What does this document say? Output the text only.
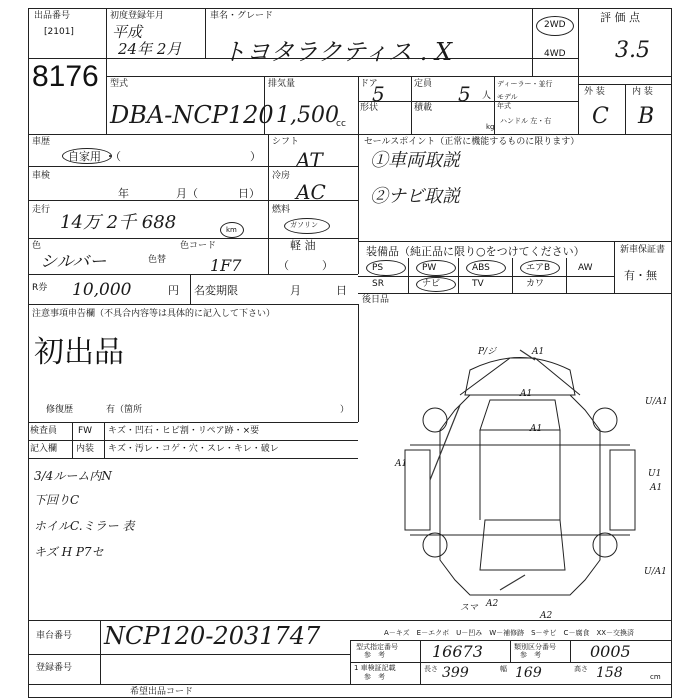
出品番号
[2101]
8176
初度登録年月
平成
24年 2月
車名・グレード
トヨタラクティス . X
2WD
4WD
評 価 点
3.5
型式
DBA-NCP120
排気量
1,500
cc
ドア
5	定員 5 人
ディーラー・並行
モデル
年式
形状	積載
kg
ハンドル 左・右
外 装	内 装
C B
車歴
自家用 ・（	）
シフト
AT
セールスポイント（正常に機能するものに限ります）
①車両取説
②ナビ取説
車検
年	月（	日）
冷房
AC
走行
14万 2千 688	km
燃料
ガソリン
軽 油
（　　　）
色
シルバー	色替
色コード
1F7
装備品（純正品に限り○をつけてください）	新車保証書
有・無
PS	PW	ABS	エアB	AW
SR	ナビ	TV	カワ
R券 10,000	円 名変期限	月	日
後日品
注意事項申告欄（不具合内容等は具体的に記入して下さい）
初出品
修復歴	有（箇所	）
検査員
記入欄
FW キズ・凹石・ヒビ割・リペア跡・×要
内装 キズ・汚レ・コゲ・穴・スレ・キレ・破レ
3/4ルーム内N
下回りC
ホイルC.ミラー 表
キズ H P7セ
P/ジ	A1
A1
A1
A1
U/A1
U1
A1
U/A1
A2
A2
スマ
車台番号 NCP120-2031747
登録番号
希望出品コード
A－キズ　E－エクボ　U－凹み　W－補修跡　S－サビ　C－腐食　XX－交換済
型式指定番号
参　考	16673	類別区分番号
参　考	0005
1 車検証記載
参　考
長さ 399	幅 169	高さ 158	cm
